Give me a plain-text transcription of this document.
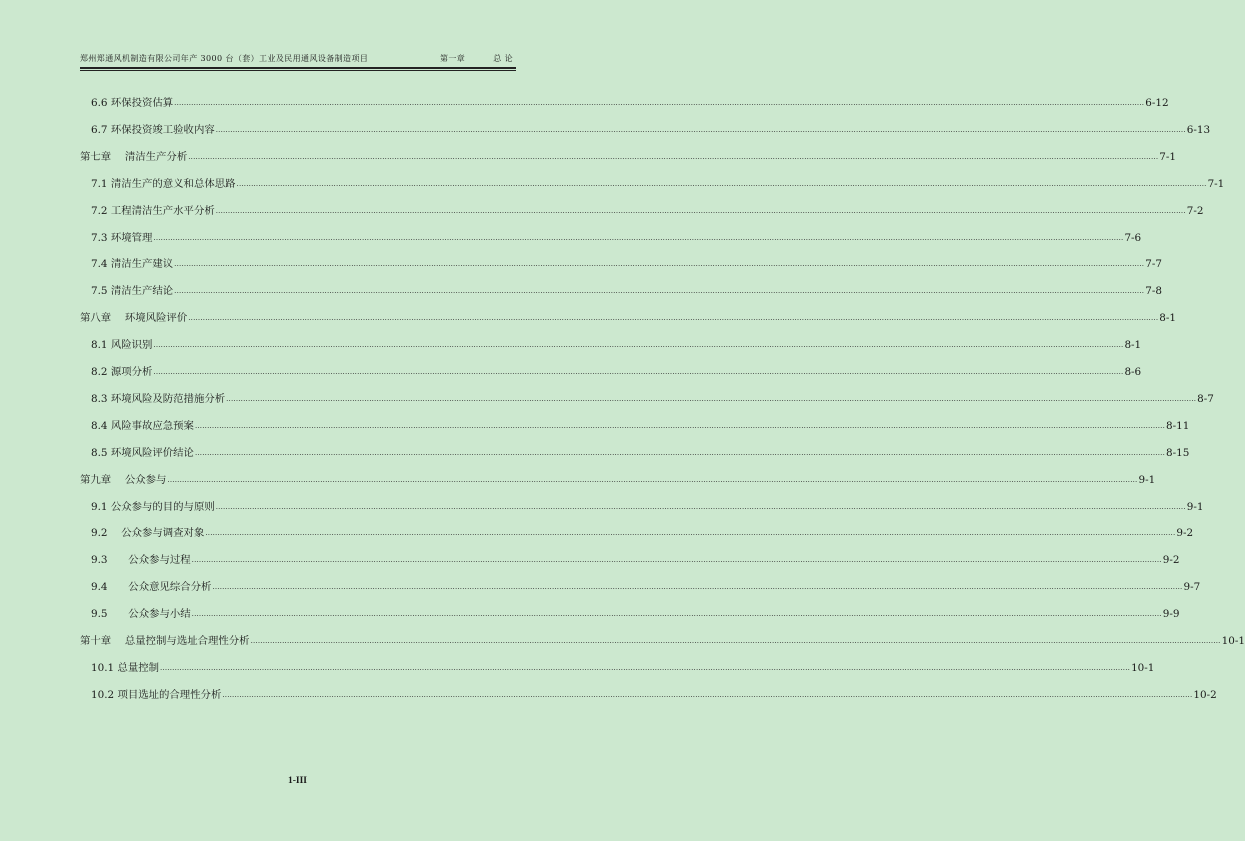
郑州郑通风机制造有限公司年产 3000 台（套）工业及民用通风设备制造项目	第一章	总 论
6.6 环保投资估算 ................................................................................................................................................................................................................................................................................................................................................................................................................ 6-12
6.7 环保投资竣工验收内容 ................................................................................................................................................................................................................................................................................................................................................................................................................ 6-13
第七章　 清洁生产分析 ................................................................................................................................................................................................................................................................................................................................................................................................................ 7-1
7.1 清洁生产的意义和总体思路 ................................................................................................................................................................................................................................................................................................................................................................................................................ 7-1
7.2 工程清洁生产水平分析 ................................................................................................................................................................................................................................................................................................................................................................................................................ 7-2
7.3 环境管理 ................................................................................................................................................................................................................................................................................................................................................................................................................ 7-6
7.4 清洁生产建议 ................................................................................................................................................................................................................................................................................................................................................................................................................ 7-7
7.5 清洁生产结论 ................................................................................................................................................................................................................................................................................................................................................................................................................ 7-8
第八章　 环境风险评价 ................................................................................................................................................................................................................................................................................................................................................................................................................ 8-1
8.1 风险识别 ................................................................................................................................................................................................................................................................................................................................................................................................................ 8-1
8.2 源项分析 ................................................................................................................................................................................................................................................................................................................................................................................................................ 8-6
8.3 环境风险及防范措施分析 ................................................................................................................................................................................................................................................................................................................................................................................................................ 8-7
8.4 风险事故应急预案 ................................................................................................................................................................................................................................................................................................................................................................................................................ 8-11
8.5 环境风险评价结论 ................................................................................................................................................................................................................................................................................................................................................................................................................ 8-15
第九章　 公众参与 ................................................................................................................................................................................................................................................................................................................................................................................................................ 9-1
9.1 公众参与的目的与原则 ................................................................................................................................................................................................................................................................................................................................................................................................................ 9-1
9.2　 公众参与调查对象 ................................................................................................................................................................................................................................................................................................................................................................................................................ 9-2
9.3　　公众参与过程 ................................................................................................................................................................................................................................................................................................................................................................................................................ 9-2
9.4　　公众意见综合分析 ................................................................................................................................................................................................................................................................................................................................................................................................................ 9-7
9.5　　公众参与小结 ................................................................................................................................................................................................................................................................................................................................................................................................................ 9-9
第十章　 总量控制与选址合理性分析 ................................................................................................................................................................................................................................................................................................................................................................................................................ 10-1
10.1 总量控制 ................................................................................................................................................................................................................................................................................................................................................................................................................ 10-1
10.2 项目选址的合理性分析 ................................................................................................................................................................................................................................................................................................................................................................................................................ 10-2
1-III
